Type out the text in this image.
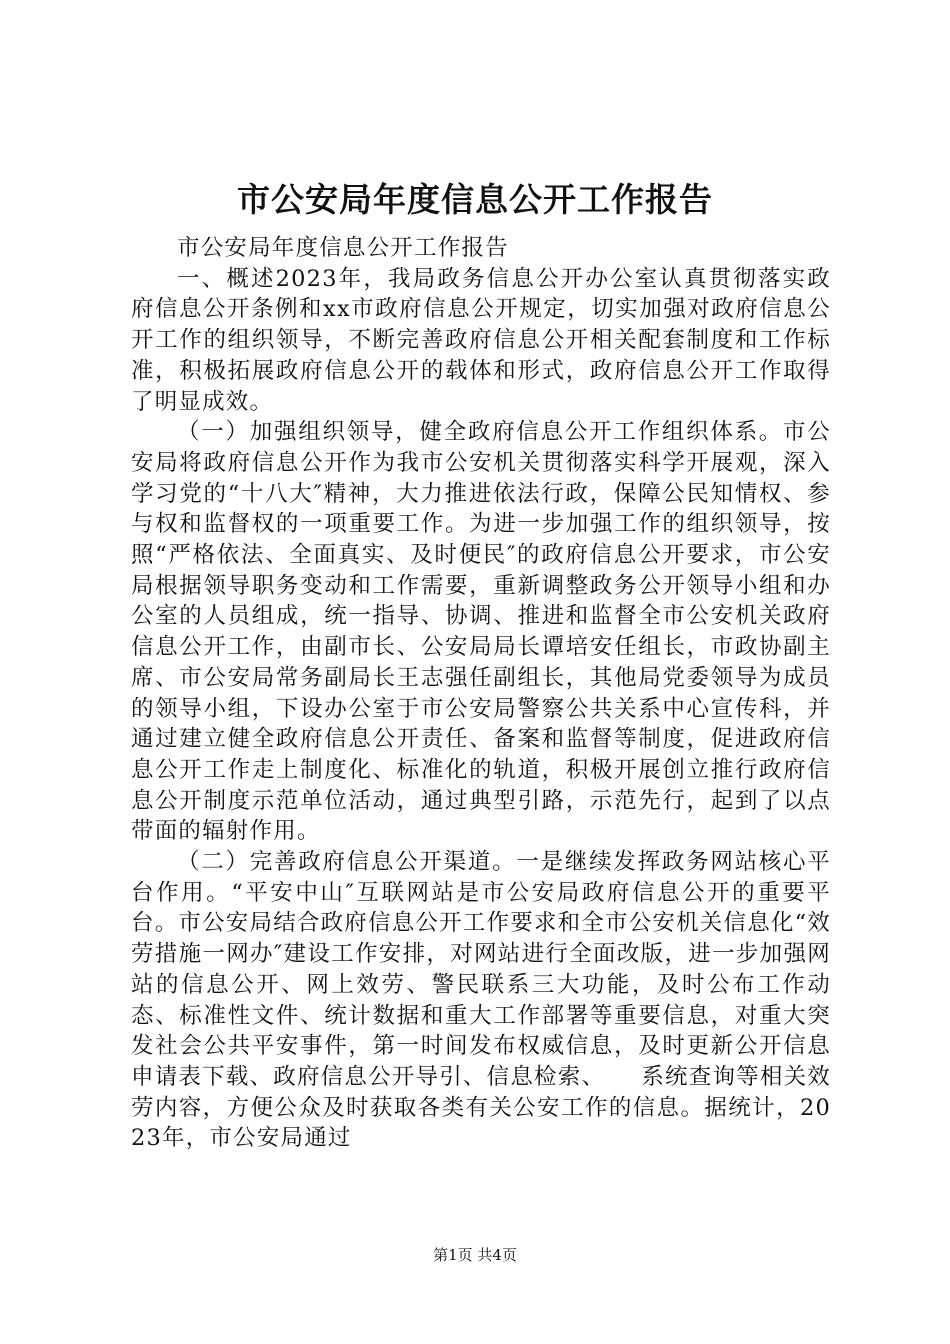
市公安局年度信息公开工作报告

市公安局年度信息公开工作报告

一、概述2023年，我局政务信息公开办公室认真贯彻落实政府信息公开条例和xx市政府信息公开规定，切实加强对政府信息公开工作的组织领导，不断完善政府信息公开相关配套制度和工作标准，积极拓展政府信息公开的载体和形式，政府信息公开工作取得了明显成效。

（一）加强组织领导，健全政府信息公开工作组织体系。市公安局将政府信息公开作为我市公安机关贯彻落实科学开展观，深入学习党的“十八大″精神，大力推进依法行政，保障公民知情权、参与权和监督权的一项重要工作。为进一步加强工作的组织领导，按照“严格依法、全面真实、及时便民″的政府信息公开要求，市公安局根据领导职务变动和工作需要，重新调整政务公开领导小组和办公室的人员组成，统一指导、协调、推进和监督全市公安机关政府信息公开工作，由副市长、公安局局长谭培安任组长，市政协副主席、市公安局常务副局长王志强任副组长，其他局党委领导为成员的领导小组，下设办公室于市公安局警察公共关系中心宣传科，并通过建立健全政府信息公开责任、备案和监督等制度，促进政府信息公开工作走上制度化、标准化的轨道，积极开展创立推行政府信息公开制度示范单位活动，通过典型引路，示范先行，起到了以点带面的辐射作用。

（二）完善政府信息公开渠道。一是继续发挥政务网站核心平台作用。“平安中山″互联网站是市公安局政府信息公开的重要平台。市公安局结合政府信息公开工作要求和全市公安机关信息化“效劳措施一网办″建设工作安排，对网站进行全面改版，进一步加强网站的信息公开、网上效劳、警民联系三大功能，及时公布工作动态、标准性文件、统计数据和重大工作部署等重要信息，对重大突发社会公共平安事件，第一时间发布权威信息，及时更新公开信息申请表下载、政府信息公开导引、信息检索、　　系统查询等相关效劳内容，方便公众及时获取各类有关公安工作的信息。据统计，2023年，市公安局通过

第1页 共4页
